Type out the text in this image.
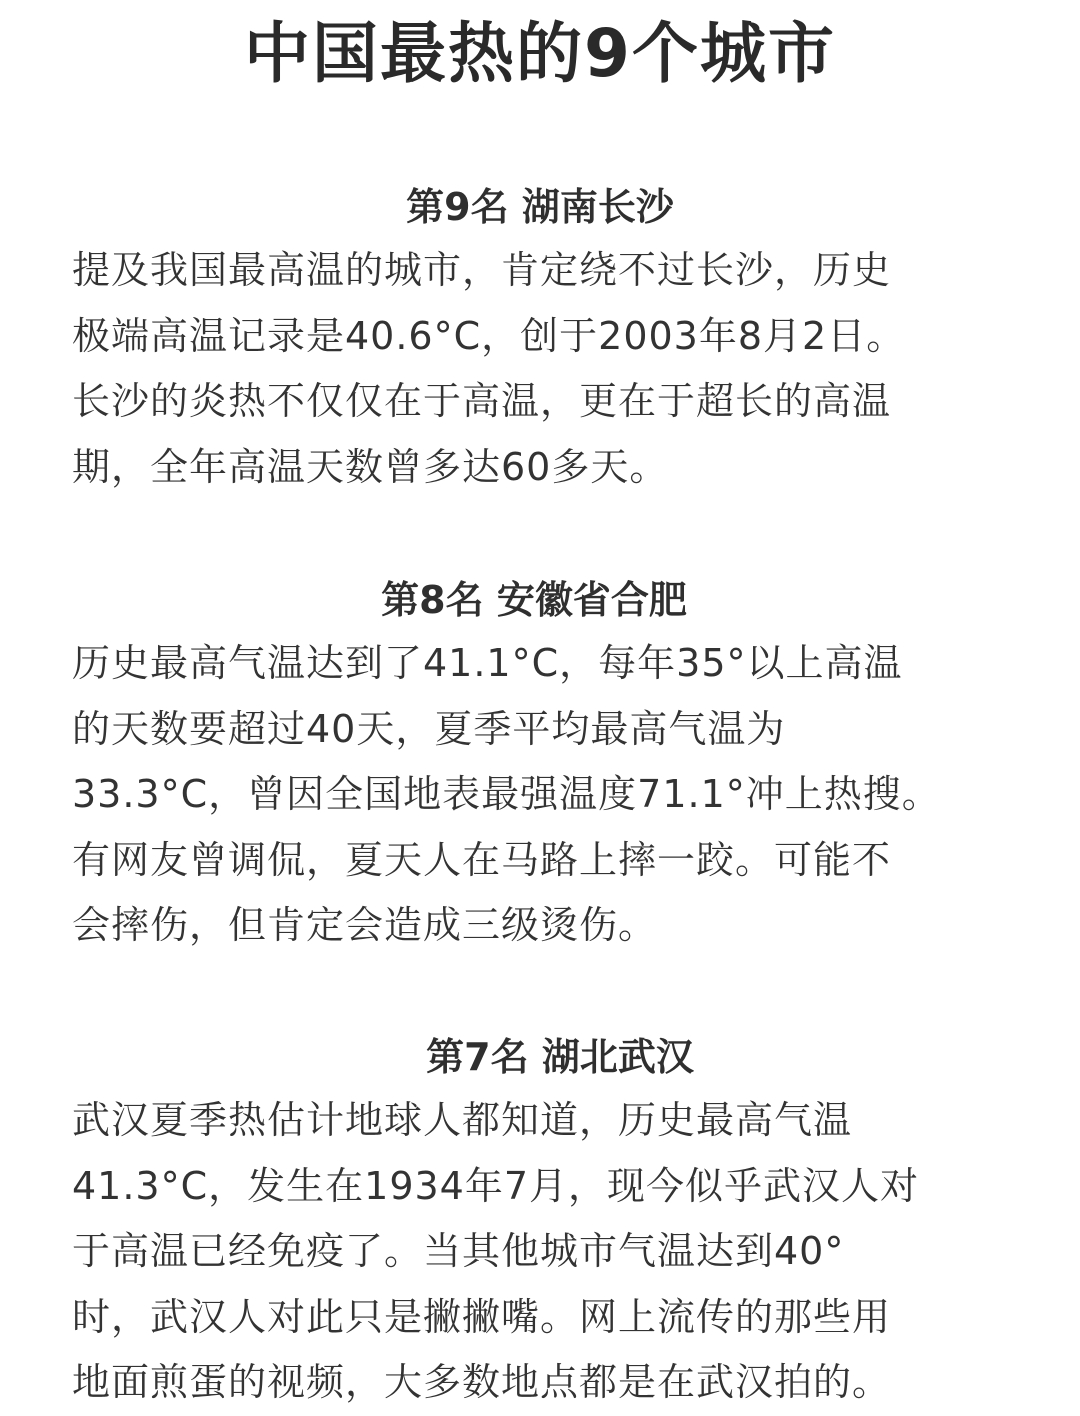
中国最热的9个城市
第9名 湖南长沙

提及我国最高温的城市，肯定绕不过长沙，历史
极端高温记录是40.6°C，创于2003年8月2日。
长沙的炎热不仅仅在于高温，更在于超长的高温
期，全年高温天数曾多达60多天。

第8名 安徽省合肥

历史最高气温达到了41.1°C，每年35°以上高温
的天数要超过40天，夏季平均最高气温为
33.3°C，曾因全国地表最强温度71.1°冲上热搜。
有网友曾调侃，夏天人在马路上摔一跤。可能不
会摔伤，但肯定会造成三级烫伤。

第7名 湖北武汉

武汉夏季热估计地球人都知道，历史最高气温
41.3°C，发生在1934年7月，现今似乎武汉人对
于高温已经免疫了。当其他城市气温达到40°
时，武汉人对此只是撇撇嘴。网上流传的那些用
地面煎蛋的视频，大多数地点都是在武汉拍的。
